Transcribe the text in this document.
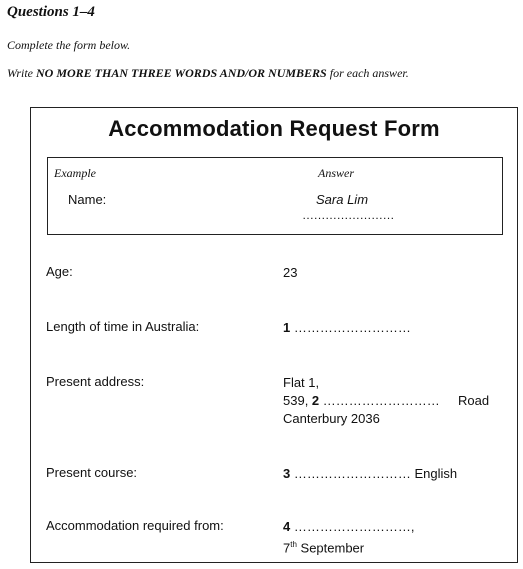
Questions 1–4

Complete the form below.

Write NO MORE THAN THREE WORDS AND/OR NUMBERS for each answer.

Accommodation Request Form
Example	Answer
Name:	Sara Lim
……………………
Age:	23
Length of time in Australia:	1 ………………………
Present address:	Flat 1,
539, 2 ……………………… Road
Canterbury 2036
Present course:	3 ……………………… English
Accommodation required from:	4 ………………………,
7th September
